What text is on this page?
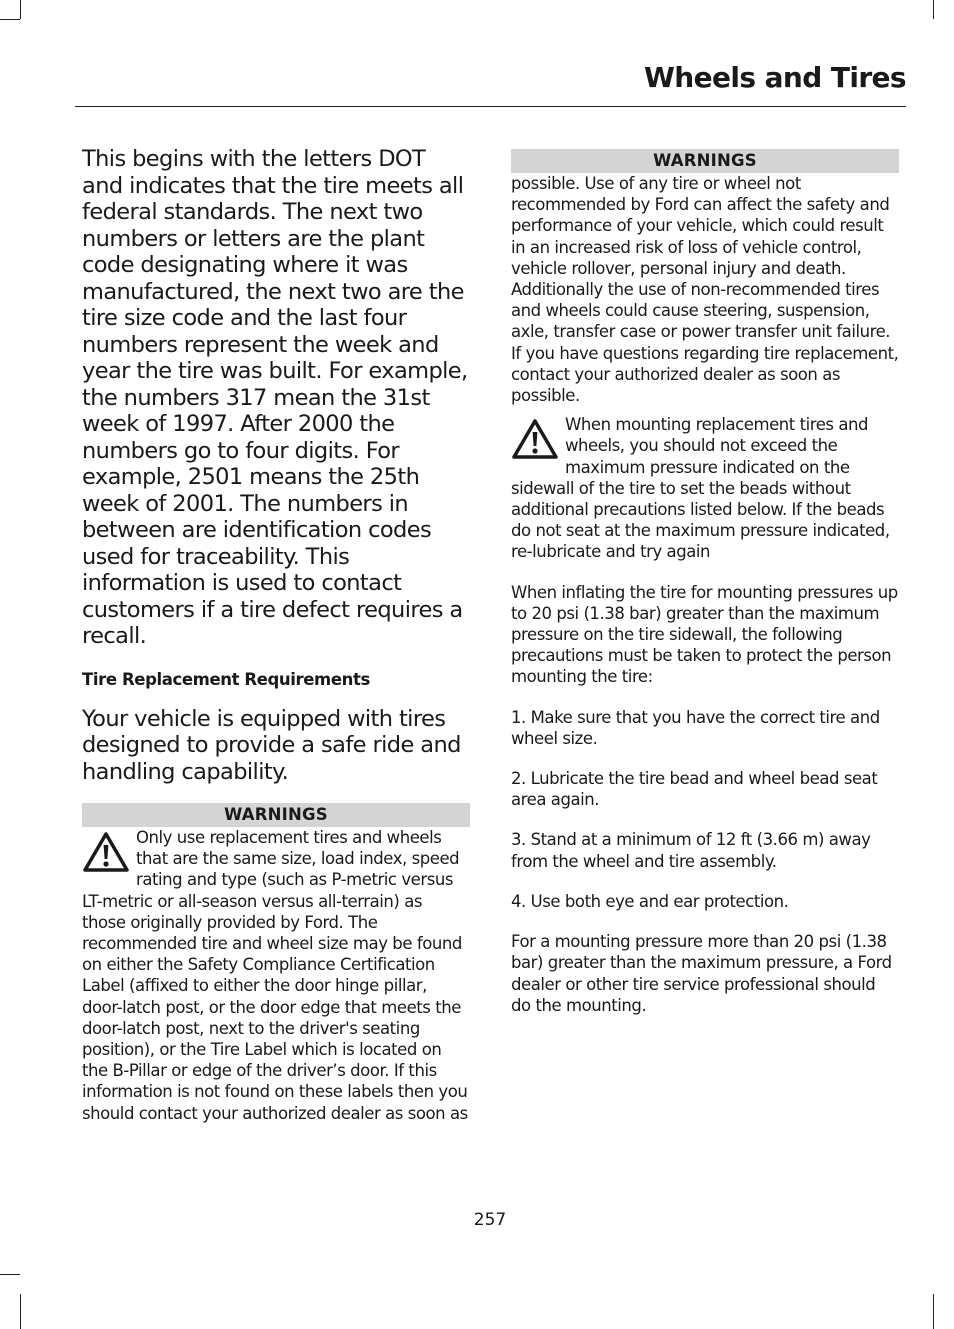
Wheels and Tires

This begins with the letters DOT and indicates that the tire meets all federal standards. The next two numbers or letters are the plant code designating where it was manufactured, the next two are the tire size code and the last four numbers represent the week and year the tire was built. For example, the numbers 317 mean the 31st week of 1997. After 2000 the numbers go to four digits. For example, 2501 means the 25th week of 2001. The numbers in between are identification codes used for traceability. This information is used to contact customers if a tire defect requires a recall.

Tire Replacement Requirements

Your vehicle is equipped with tires designed to provide a safe ride and handling capability.

WARNINGS
Only use replacement tires and wheels that are the same size, load index, speed rating and type (such as P-metric versus LT-metric or all-season versus all-terrain) as those originally provided by Ford. The recommended tire and wheel size may be found on either the Safety Compliance Certification Label (affixed to either the door hinge pillar, door-latch post, or the door edge that meets the door-latch post, next to the driver's seating position), or the Tire Label which is located on the B-Pillar or edge of the driver’s door. If this information is not found on these labels then you should contact your authorized dealer as soon as
WARNINGS

possible. Use of any tire or wheel not recommended by Ford can affect the safety and performance of your vehicle, which could result in an increased risk of loss of vehicle control, vehicle rollover, personal injury and death. Additionally the use of non-recommended tires and wheels could cause steering, suspension, axle, transfer case or power transfer unit failure. If you have questions regarding tire replacement, contact your authorized dealer as soon as possible.

When mounting replacement tires and wheels, you should not exceed the maximum pressure indicated on the sidewall of the tire to set the beads without additional precautions listed below. If the beads do not seat at the maximum pressure indicated, re-lubricate and try again

When inflating the tire for mounting pressures up to 20 psi (1.38 bar) greater than the maximum pressure on the tire sidewall, the following precautions must be taken to protect the person mounting the tire:

1. Make sure that you have the correct tire and wheel size.

2. Lubricate the tire bead and wheel bead seat area again.

3. Stand at a minimum of 12 ft (3.66 m) away from the wheel and tire assembly.

4. Use both eye and ear protection.

For a mounting pressure more than 20 psi (1.38 bar) greater than the maximum pressure, a Ford dealer or other tire service professional should do the mounting.

257
